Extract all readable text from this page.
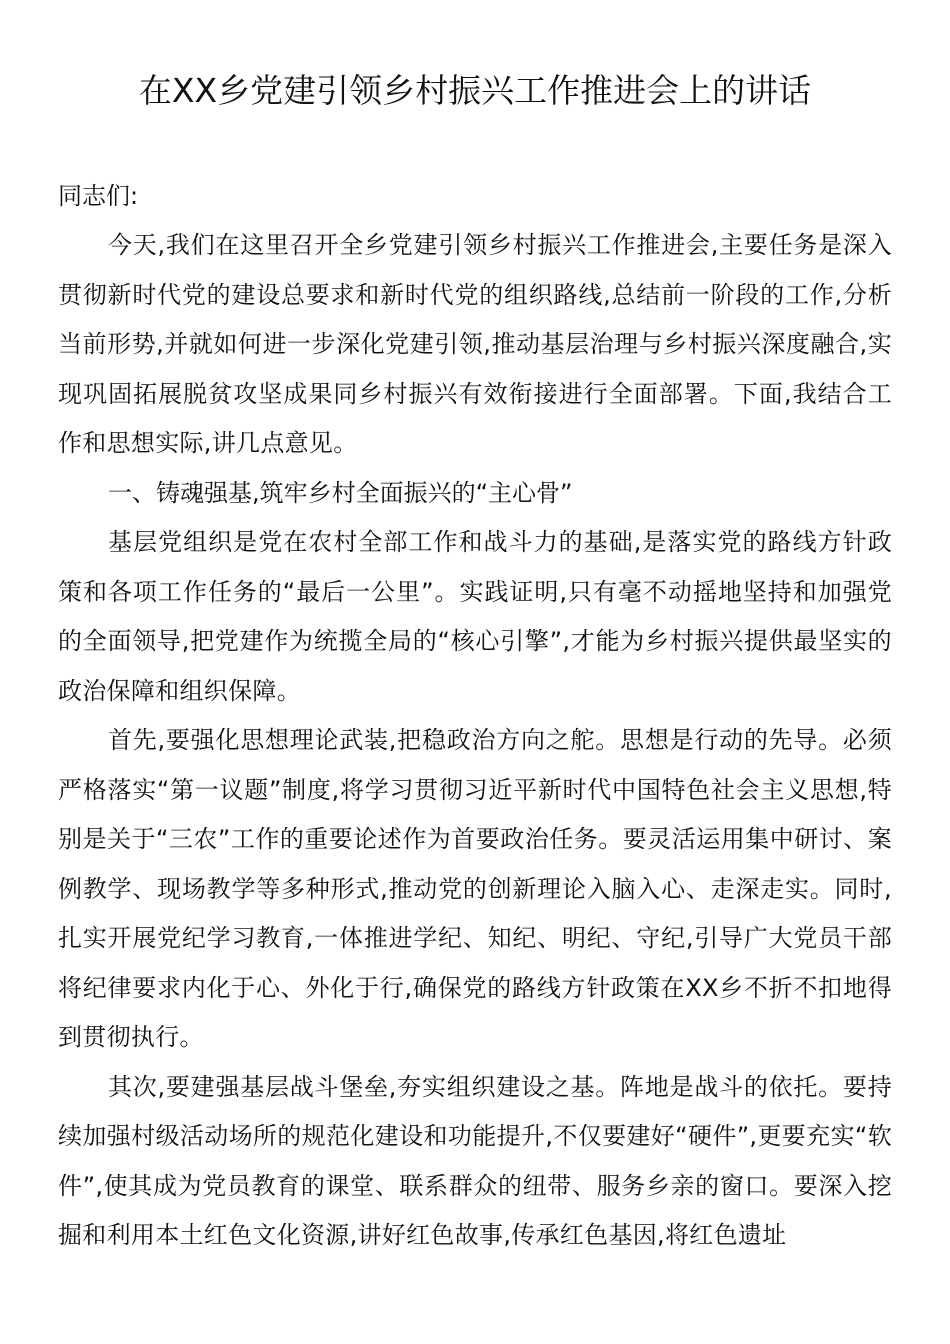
在XX乡党建引领乡村振兴工作推进会上的讲话

同志们:

今天,我们在这里召开全乡党建引领乡村振兴工作推进会,主要任务是深入贯彻新时代党的建设总要求和新时代党的组织路线,总结前一阶段的工作,分析当前形势,并就如何进一步深化党建引领,推动基层治理与乡村振兴深度融合,实现巩固拓展脱贫攻坚成果同乡村振兴有效衔接进行全面部署。下面,我结合工作和思想实际,讲几点意见。

一、铸魂强基,筑牢乡村全面振兴的“主心骨”

基层党组织是党在农村全部工作和战斗力的基础,是落实党的路线方针政策和各项工作任务的“最后一公里”。实践证明,只有毫不动摇地坚持和加强党的全面领导,把党建作为统揽全局的“核心引擎”,才能为乡村振兴提供最坚实的政治保障和组织保障。

首先,要强化思想理论武装,把稳政治方向之舵。思想是行动的先导。必须严格落实“第一议题”制度,将学习贯彻习近平新时代中国特色社会主义思想,特别是关于“三农”工作的重要论述作为首要政治任务。要灵活运用集中研讨、案例教学、现场教学等多种形式,推动党的创新理论入脑入心、走深走实。同时,扎实开展党纪学习教育,一体推进学纪、知纪、明纪、守纪,引导广大党员干部将纪律要求内化于心、外化于行,确保党的路线方针政策在XX乡不折不扣地得到贯彻执行。

其次,要建强基层战斗堡垒,夯实组织建设之基。阵地是战斗的依托。要持续加强村级活动场所的规范化建设和功能提升,不仅要建好“硬件”,更要充实“软件”,使其成为党员教育的课堂、联系群众的纽带、服务乡亲的窗口。要深入挖掘和利用本土红色文化资源,讲好红色故事,传承红色基因,将红色遗址
